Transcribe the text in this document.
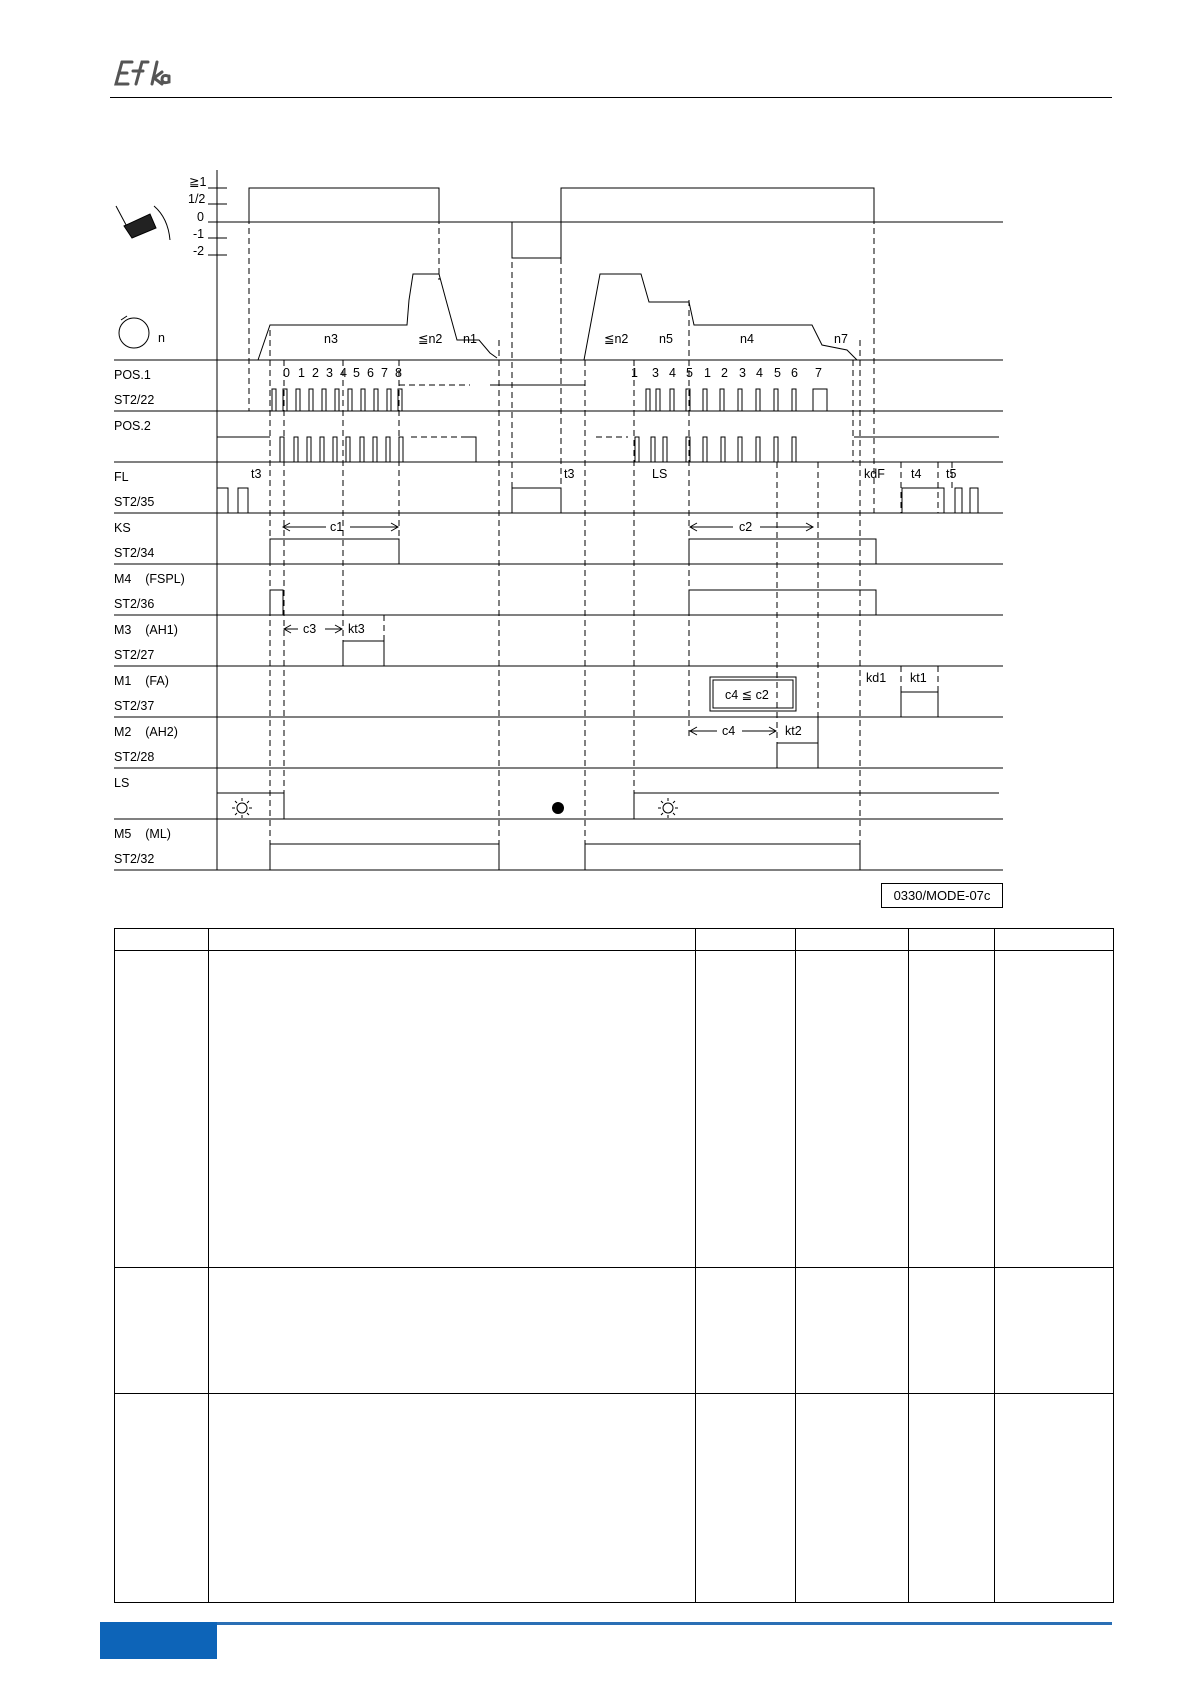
≧1
1/2
0
-1
-2
n	n3	≦n2 n1	≦n2 n5	n4	n7
POS.1
ST2/22
POS.2
FL
ST2/35
KS
ST2/34
M4    (FSPL)
ST2/36
M3    (AH1)
ST2/27
M1    (FA)
ST2/37
M2    (AH2)
ST2/28
LS
M5    (ML)
ST2/32
0 1 2 3 4 5 6 7 8	1 3 4 5 1 2 3 4 5 6 7
t3	t3	LS	kdF t4 t5
c1	c2
c3	kt3
c4 ≦ c2
kd1 kt1
c4	kt2
0330/MODE-07c
